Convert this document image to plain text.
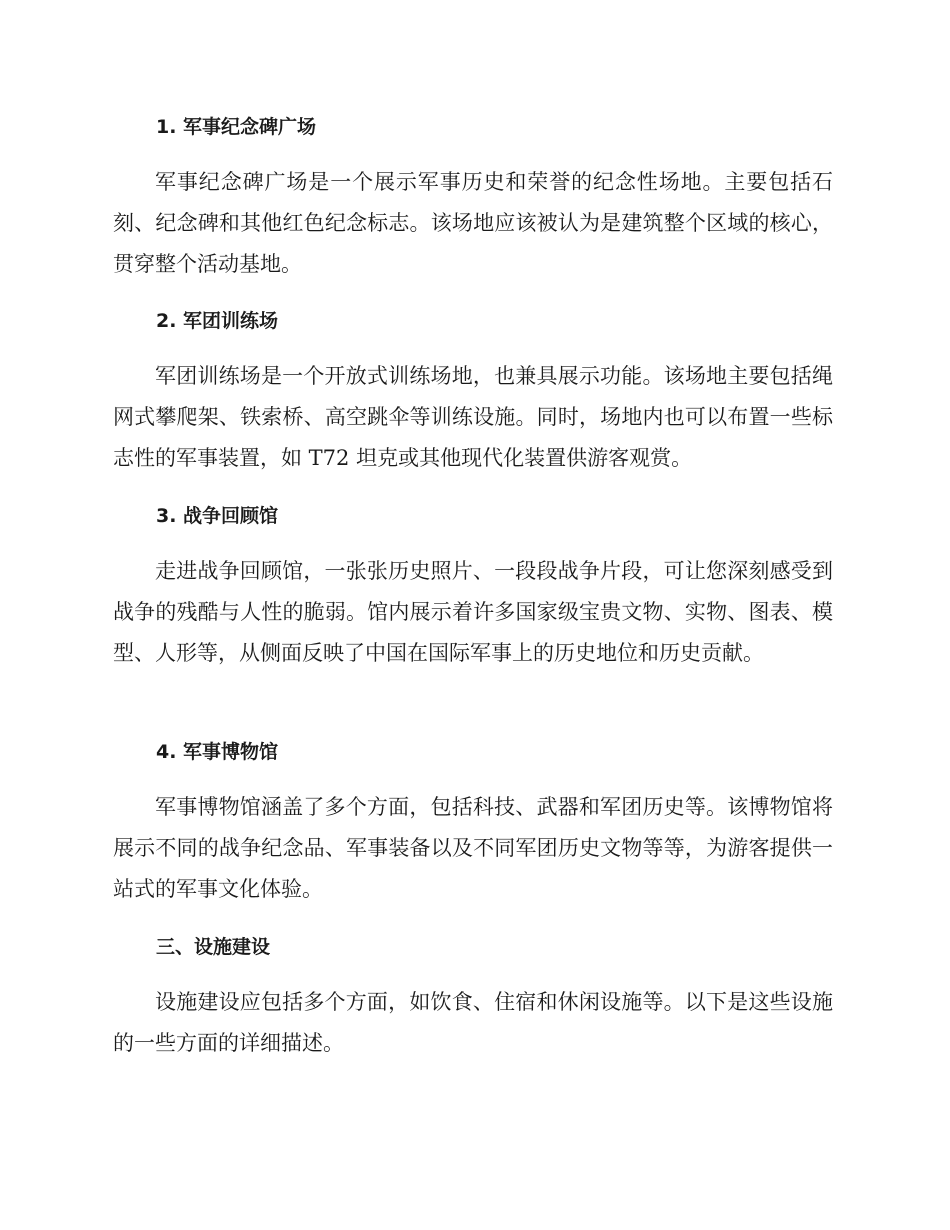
1. 军事纪念碑广场

军事纪念碑广场是一个展示军事历史和荣誉的纪念性场地。主要包括石刻、纪念碑和其他红色纪念标志。该场地应该被认为是建筑整个区域的核心，贯穿整个活动基地。

2. 军团训练场

军团训练场是一个开放式训练场地，也兼具展示功能。该场地主要包括绳网式攀爬架、铁索桥、高空跳伞等训练设施。同时，场地内也可以布置一些标志性的军事装置，如 T72 坦克或其他现代化装置供游客观赏。

3. 战争回顾馆

走进战争回顾馆，一张张历史照片、一段段战争片段，可让您深刻感受到战争的残酷与人性的脆弱。馆内展示着许多国家级宝贵文物、实物、图表、模型、人形等，从侧面反映了中国在国际军事上的历史地位和历史贡献。

4. 军事博物馆

军事博物馆涵盖了多个方面，包括科技、武器和军团历史等。该博物馆将展示不同的战争纪念品、军事装备以及不同军团历史文物等等，为游客提供一站式的军事文化体验。

三、设施建设

设施建设应包括多个方面，如饮食、住宿和休闲设施等。以下是这些设施的一些方面的详细描述。
